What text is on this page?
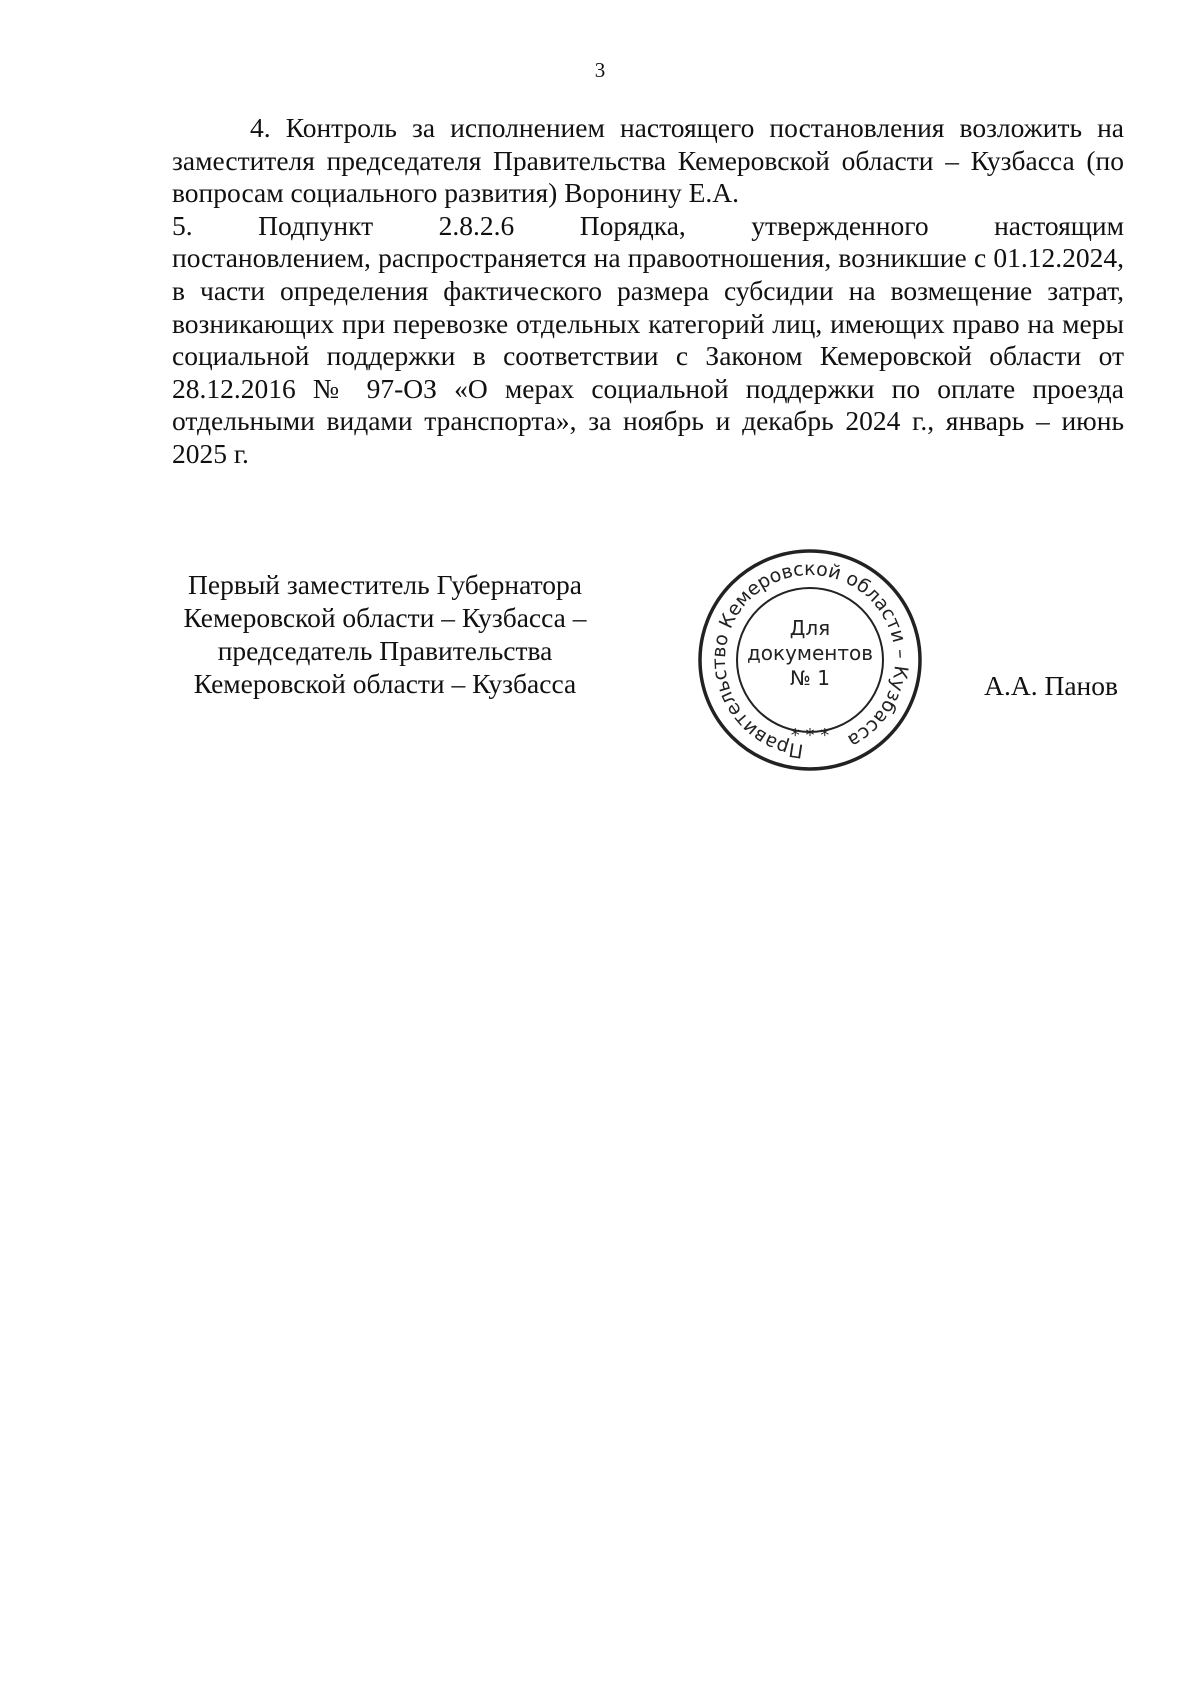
3

4. Контроль за исполнением настоящего постановления возложить на заместителя председателя Правительства Кемеровской области – Кузбасса (по вопросам социального развития) Воронину Е.А.

5. Подпункт 2.8.2.6 Порядка, утвержденного настоящим

постановлением, распространяется на правоотношения, возникшие с 01.12.2024, в части определения фактического размера субсидии на возмещение затрат, возникающих при перевозке отдельных категорий лиц, имеющих право на меры социальной поддержки в соответствии с Законом Кемеровской области от 28.12.2016 № 97-ОЗ «О мерах социальной поддержки по оплате проезда отдельными видами транспорта», за ноябрь и декабрь 2024 г., январь – июнь 2025 г.

Первый заместитель Губернатора
Кемеровской области – Кузбасса –
председатель Правительства
Кемеровской области – Кузбасса
Правительство Кемеровской области – Кузбасса
* * *
Для
документов
№ 1	А.А. Панов
